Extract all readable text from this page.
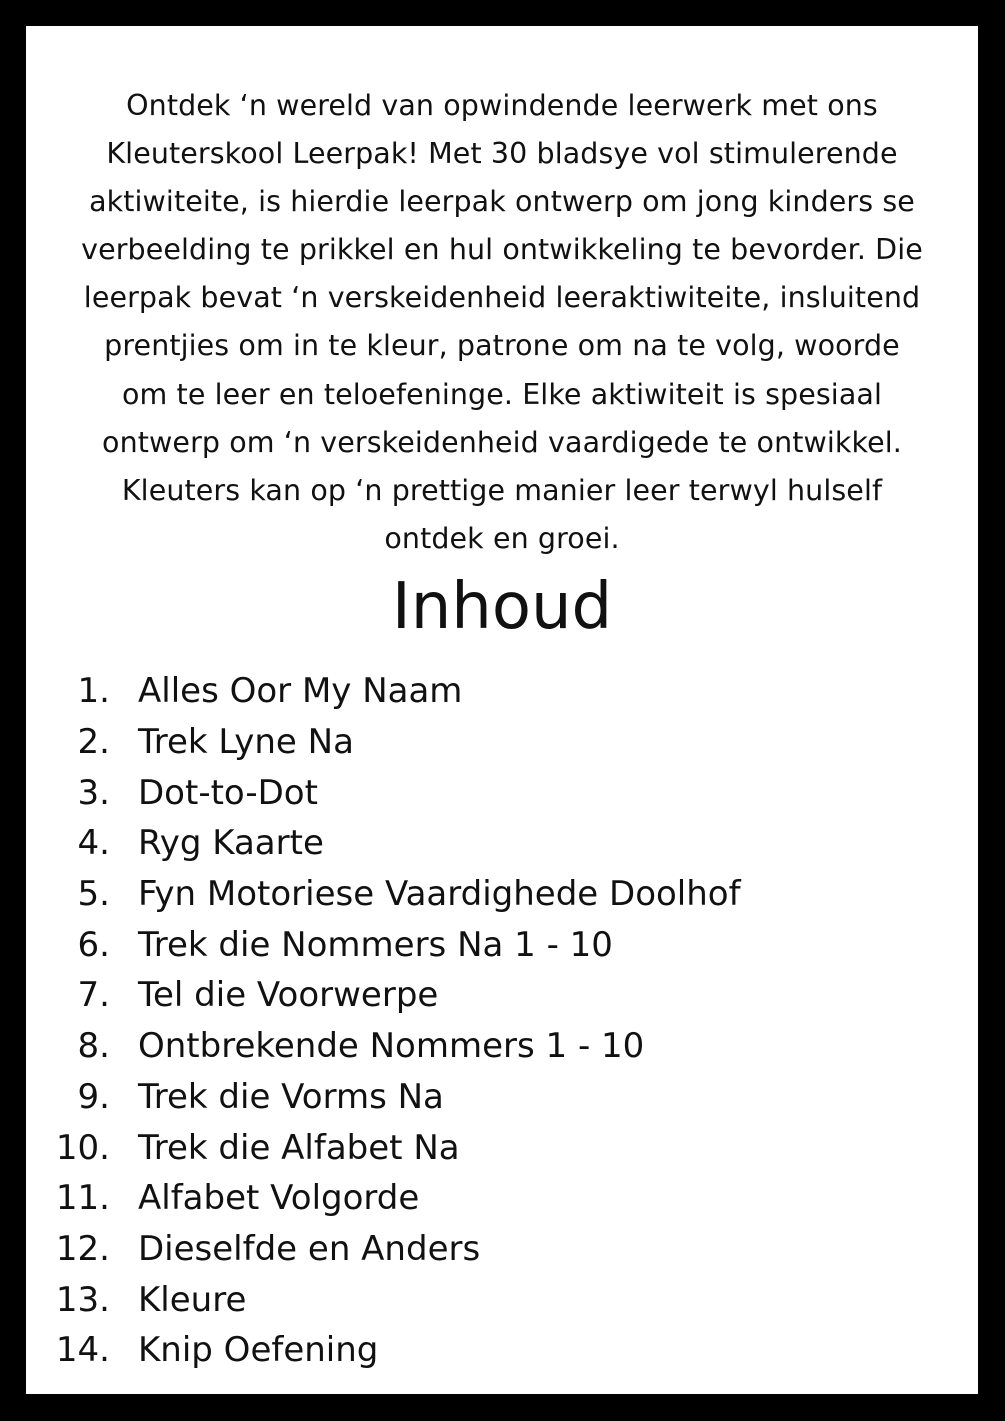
Ontdek ‘n wereld van opwindende leerwerk met ons
Kleuterskool Leerpak! Met 30 bladsye vol stimulerende
aktiwiteite, is hierdie leerpak ontwerp om jong kinders se
verbeelding te prikkel en hul ontwikkeling te bevorder. Die
leerpak bevat ‘n verskeidenheid leeraktiwiteite, insluitend
prentjies om in te kleur, patrone om na te volg, woorde
om te leer en teloefeninge. Elke aktiwiteit is spesiaal
ontwerp om ‘n verskeidenheid vaardigede te ontwikkel.
Kleuters kan op ‘n prettige manier leer terwyl hulself
ontdek en groei.
Inhoud
1. Alles Oor My Naam
2. Trek Lyne Na
3. Dot-to-Dot
4. Ryg Kaarte
5. Fyn Motoriese Vaardighede Doolhof
6. Trek die Nommers Na 1 - 10
7. Tel die Voorwerpe
8. Ontbrekende Nommers 1 - 10
9. Trek die Vorms Na
10. Trek die Alfabet Na
11. Alfabet Volgorde
12. Dieselfde en Anders
13. Kleure
14. Knip Oefening
